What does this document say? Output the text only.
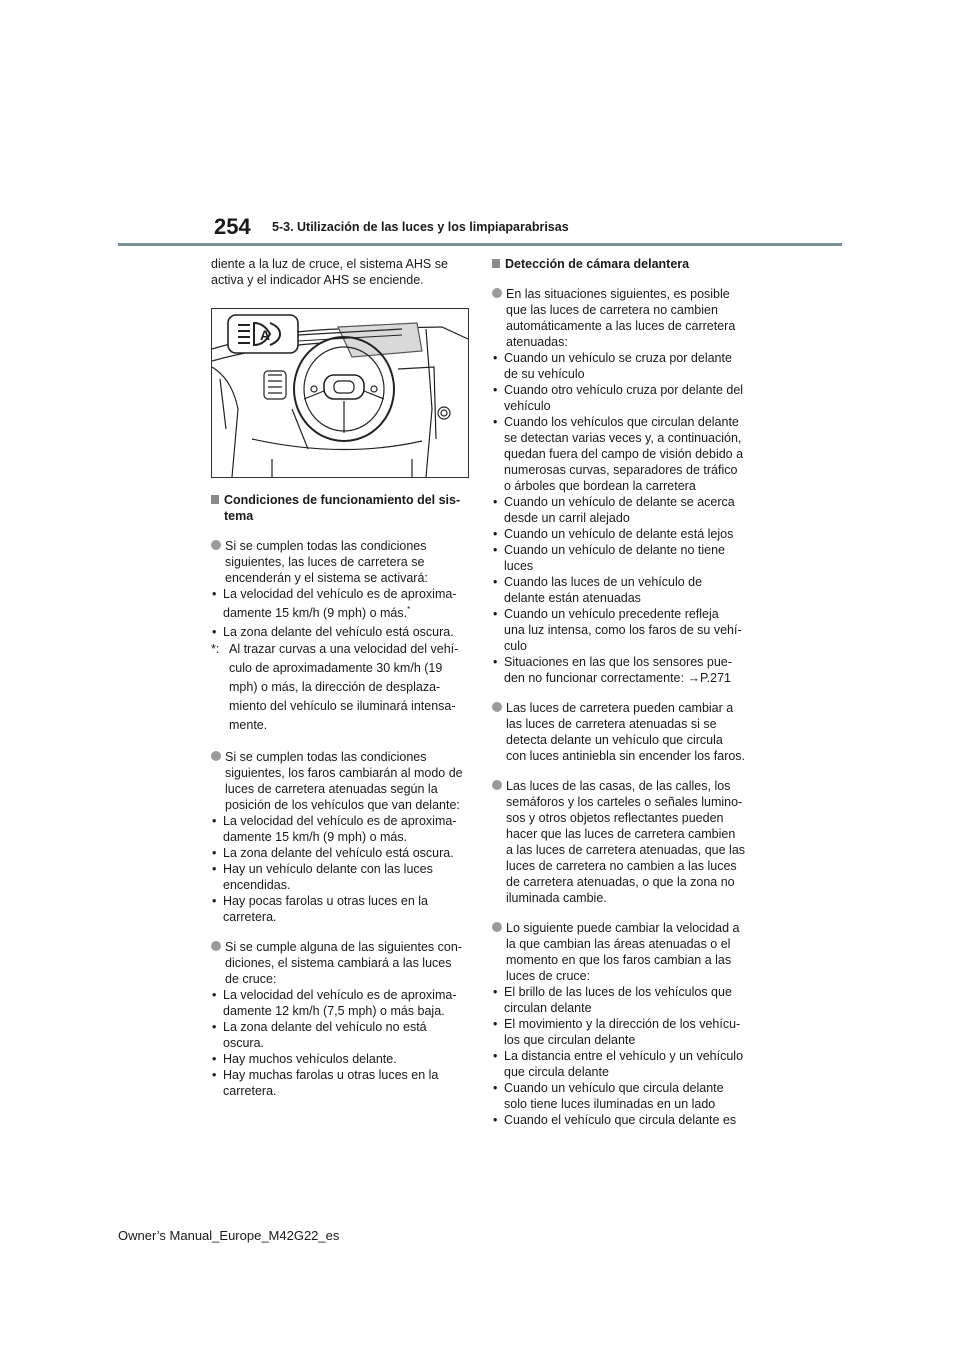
254 5-3. Utilización de las luces y los limpiaparabrisas
diente a la luz de cruce, el sistema AHS se
activa y el indicador AHS se enciende.
A
Condiciones de funcionamiento del sis-
tema
Si se cumplen todas las condiciones
siguientes, las luces de carretera se
encenderán y el sistema se activará:
• La velocidad del vehículo es de aproxima-
damente 15 km/h (9 mph) o más.*
• La zona delante del vehículo está oscura.
*: Al trazar curvas a una velocidad del vehí-
culo de aproximadamente 30 km/h (19
mph) o más, la dirección de desplaza-
miento del vehículo se iluminará intensa-
mente.
Si se cumplen todas las condiciones
siguientes, los faros cambiarán al modo de
luces de carretera atenuadas según la
posición de los vehículos que van delante:
• La velocidad del vehículo es de aproxima-
damente 15 km/h (9 mph) o más.
• La zona delante del vehículo está oscura.
• Hay un vehículo delante con las luces
encendidas.
• Hay pocas farolas u otras luces en la
carretera.
Si se cumple alguna de las siguientes con-
diciones, el sistema cambiará a las luces
de cruce:
• La velocidad del vehículo es de aproxima-
damente 12 km/h (7,5 mph) o más baja.
• La zona delante del vehículo no está
oscura.
• Hay muchos vehículos delante.
• Hay muchas farolas u otras luces en la
carretera.
Detección de cámara delantera
En las situaciones siguientes, es posible
que las luces de carretera no cambien
automáticamente a las luces de carretera
atenuadas:
• Cuando un vehículo se cruza por delante
de su vehículo
• Cuando otro vehículo cruza por delante del
vehículo
• Cuando los vehículos que circulan delante
se detectan varias veces y, a continuación,
quedan fuera del campo de visión debido a
numerosas curvas, separadores de tráfico
o árboles que bordean la carretera
• Cuando un vehículo de delante se acerca
desde un carril alejado
• Cuando un vehículo de delante está lejos
• Cuando un vehículo de delante no tiene
luces
• Cuando las luces de un vehículo de
delante están atenuadas
• Cuando un vehículo precedente refleja
una luz intensa, como los faros de su vehí-
culo
• Situaciones en las que los sensores pue-
den no funcionar correctamente: →P.271
Las luces de carretera pueden cambiar a
las luces de carretera atenuadas si se
detecta delante un vehículo que circula
con luces antiniebla sin encender los faros.
Las luces de las casas, de las calles, los
semáforos y los carteles o señales lumino-
sos y otros objetos reflectantes pueden
hacer que las luces de carretera cambien
a las luces de carretera atenuadas, que las
luces de carretera no cambien a las luces
de carretera atenuadas, o que la zona no
iluminada cambie.
Lo siguiente puede cambiar la velocidad a
la que cambian las áreas atenuadas o el
momento en que los faros cambian a las
luces de cruce:
• El brillo de las luces de los vehículos que
circulan delante
• El movimiento y la dirección de los vehícu-
los que circulan delante
• La distancia entre el vehículo y un vehículo
que circula delante
• Cuando un vehículo que circula delante
solo tiene luces iluminadas en un lado
• Cuando el vehículo que circula delante es
Owner’s Manual_Europe_M42G22_es
